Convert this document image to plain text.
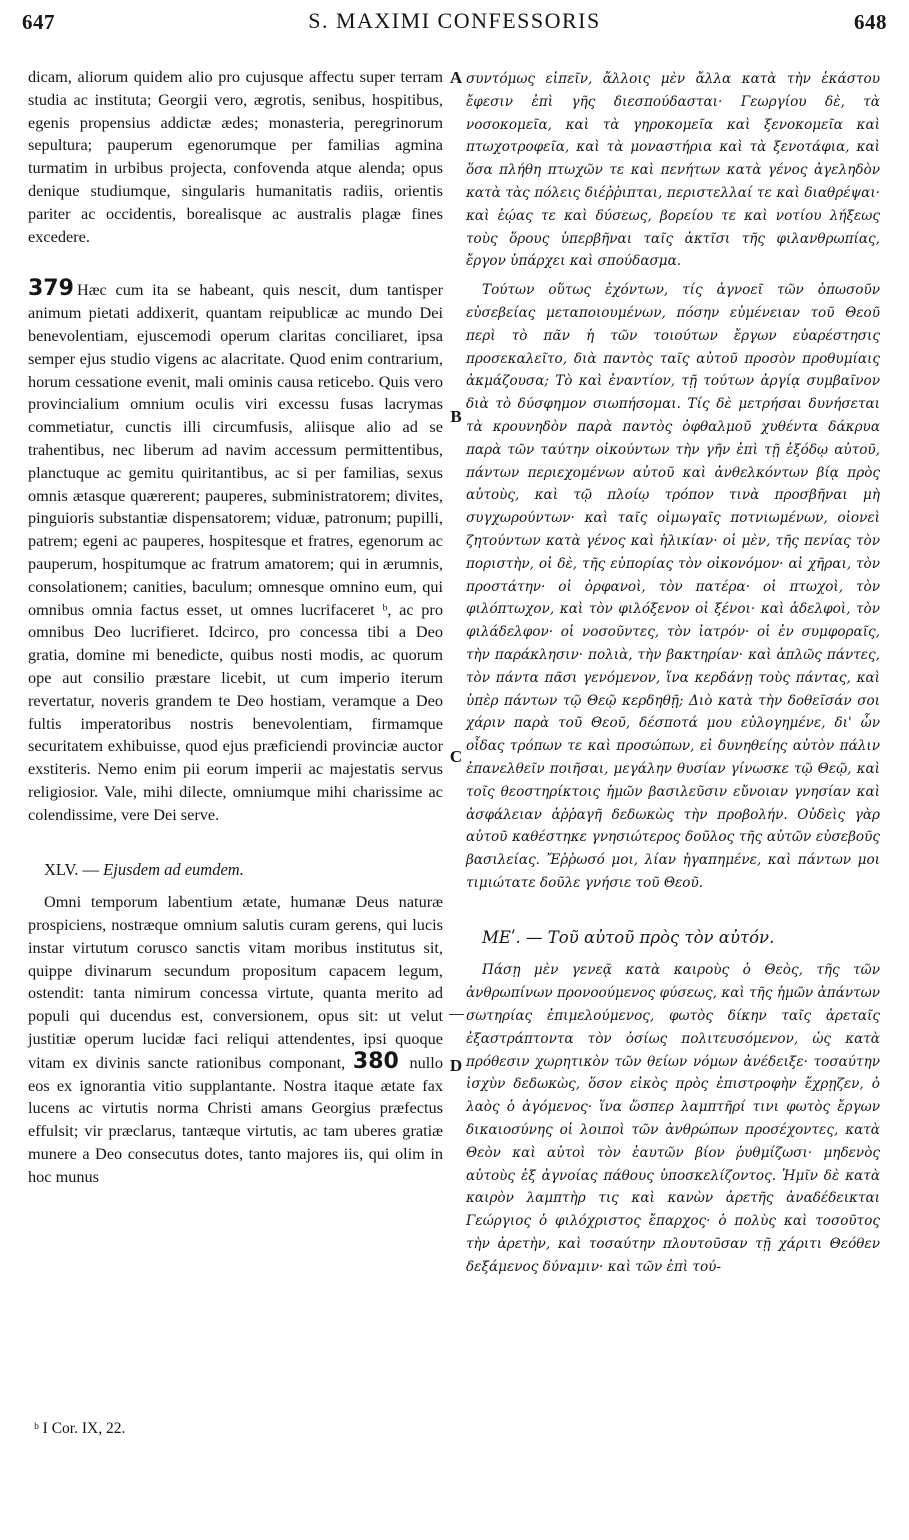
647	S. MAXIMI CONFESSORIS	648
A
B
C
D

dicam, aliorum quidem alio pro cujusque affectu super terram studia ac instituta; Georgii vero, ægrotis, senibus, hospitibus, egenis propensius addictæ ædes; monasteria, peregrinorum sepultura; pauperum egenorumque per familias agmina turmatim in urbibus projecta, confovenda atque alenda; opus denique studiumque, singularis humanitatis radiis, orientis pariter ac occidentis, borealisque ac australis plagæ fines excedere.

379 Hæc cum ita se habeant, quis nescit, dum tantisper animum pietati addixerit, quantam reipublicæ ac mundo Dei benevolentiam, ejuscemodi operum claritas conciliaret, ipsa semper ejus studio vigens ac alacritate. Quod enim contrarium, horum cessatione evenit, mali ominis causa reticebo. Quis vero provincialium omnium oculis viri excessu fusas lacrymas commetiatur, cunctis illi circumfusis, aliisque alio ad se trahentibus, nec liberum ad navim accessum permittentibus, planctuque ac gemitu quiritantibus, ac si per familias, sexus omnis ætasque quærerent; pauperes, subministratorem; divites, pinguioris substantiæ dispensatorem; viduæ, patronum; pupilli, patrem; egeni ac pauperes, hospitesque et fratres, egenorum ac pauperum, hospitumque ac fratrum amatorem; qui in ærumnis, consolationem; canities, baculum; omnesque omnino eum, qui omnibus omnia factus esset, ut omnes lucrifaceret ᵇ, ac pro omnibus Deo lucrifieret. Idcirco, pro concessa tibi a Deo gratia, domine mi benedicte, quibus nosti modis, ac quorum ope aut consilio præstare licebit, ut cum imperio iterum revertatur, noveris grandem te Deo hostiam, veramque a Deo fultis imperatoribus nostris benevolentiam, firmamque securitatem exhibuisse, quod ejus præficiendi provinciæ auctor exstiteris. Nemo enim pii eorum imperii ac majestatis servus religiosior. Vale, mihi dilecte, omniumque mihi charissime ac colendissime, vere Dei serve.

XLV. — Ejusdem ad eumdem.

Omni temporum labentium ætate, humanæ Deus naturæ prospiciens, nostræque omnium salutis curam gerens, qui lucis instar virtutum corusco sanctis vitam moribus institutus sit, quippe divinarum secundum propositum capacem legum, ostendit: tanta nimirum concessa virtute, quanta merito ad populi qui ducendus est, conversionem, opus sit: ut velut justitiæ operum lucidæ faci reliqui attendentes, ipsi quoque vitam ex divinis sancte rationibus componant, 380 nullo eos ex ignorantia vitio supplantante. Nostra itaque ætate fax lucens ac virtutis norma Christi amans Georgius præfectus effulsit; vir præclarus, tantæque virtutis, ac tam uberes gratiæ munere a Deo consecutus dotes, tanto majores iis, qui olim in hoc munus

συντόμως εἰπεῖν, ἄλλοις μὲν ἄλλα κατὰ τὴν ἑκάστου ἔφεσιν ἐπὶ γῆς διεσπούδασται· Γεωργίου δὲ, τὰ νοσοκομεῖα, καὶ τὰ γηροκομεῖα καὶ ξενοκομεῖα καὶ πτωχοτροφεῖα, καὶ τὰ μοναστήρια καὶ τὰ ξενοτάφια, καὶ ὅσα πλήθη πτωχῶν τε καὶ πενήτων κατὰ γένος ἀγεληδὸν κατὰ τὰς πόλεις διέῤῥιπται, περιστελλαί τε καὶ διαθρέψαι· καὶ ἑῴας τε καὶ δύσεως, βορείου τε καὶ νοτίου λήξεως τοὺς ὅρους ὑπερβῆναι ταῖς ἀκτῖσι τῆς φιλανθρωπίας, ἔργον ὑπάρχει καὶ σπούδασμα.

Τούτων οὕτως ἐχόντων, τίς ἀγνοεῖ τῶν ὁπωσοῦν εὐσεβείας μεταποιουμένων, πόσην εὐμένειαν τοῦ Θεοῦ περὶ τὸ πᾶν ἡ τῶν τοιούτων ἔργων εὐαρέστησις προσεκαλεῖτο, διὰ παντὸς ταῖς αὐτοῦ προσὸν προθυμίαις ἀκμάζουσα; Τὸ καὶ ἐναντίον, τῇ τούτων ἀργίᾳ συμβαῖνον διὰ τὸ δύσφημον σιωπήσομαι. Τίς δὲ μετρήσαι δυνήσεται τὰ κρουνηδὸν παρὰ παντὸς ὀφθαλμοῦ χυθέντα δάκρυα παρὰ τῶν ταύτην οἰκούντων τὴν γῆν ἐπὶ τῇ ἐξόδῳ αὐτοῦ, πάντων περιεχομένων αὐτοῦ καὶ ἀνθελκόντων βίᾳ πρὸς αὐτοὺς, καὶ τῷ πλοίῳ τρόπον τινὰ προσβῆναι μὴ συγχωρούντων· καὶ ταῖς οἰμωγαῖς ποτνιωμένων, οἱονεὶ ζητούντων κατὰ γένος καὶ ἡλικίαν· οἱ μὲν, τῆς πενίας τὸν ποριστὴν, οἱ δὲ, τῆς εὐπορίας τὸν οἰκονόμον· αἱ χῆραι, τὸν προστάτην· οἱ ὀρφανοὶ, τὸν πατέρα· οἱ πτωχοὶ, τὸν φιλόπτωχον, καὶ τὸν φιλόξενον οἱ ξένοι· καὶ ἀδελφοὶ, τὸν φιλάδελφον· οἱ νοσοῦντες, τὸν ἰατρόν· οἱ ἐν συμφοραῖς, τὴν παράκλησιν· πολιὰ, τὴν βακτηρίαν· καὶ ἁπλῶς πάντες, τὸν πάντα πᾶσι γενόμενον, ἵνα κερδάνῃ τοὺς πάντας, καὶ ὑπὲρ πάντων τῷ Θεῷ κερδηθῇ; Διὸ κατὰ τὴν δοθεῖσάν σοι χάριν παρὰ τοῦ Θεοῦ, δέσποτά μου εὐλογημένε, δι' ὧν οἶδας τρόπων τε καὶ προσώπων, εἰ δυνηθείης αὐτὸν πάλιν ἐπανελθεῖν ποιῆσαι, μεγάλην θυσίαν γίνωσκε τῷ Θεῷ, καὶ τοῖς θεοστηρίκτοις ἡμῶν βασιλεῦσιν εὔνοιαν γνησίαν καὶ ἀσφάλειαν ἀῤῥαγῆ δεδωκὼς τὴν προβολήν. Οὐδεὶς γὰρ αὐτοῦ καθέστηκε γνησιώτερος δοῦλος τῆς αὐτῶν εὐσεβοῦς βασιλείας. Ἔῤῥωσό μοι, λίαν ἠγαπημένε, καὶ πάντων μοι τιμιώτατε δοῦλε γνήσιε τοῦ Θεοῦ.

ΜΕʹ. — Τοῦ αὐτοῦ πρὸς τὸν αὐτόν.

Πάσῃ μὲν γενεᾷ κατὰ καιροὺς ὁ Θεὸς, τῆς τῶν ἀνθρωπίνων προνοούμενος φύσεως, καὶ τῆς ἡμῶν ἁπάντων σωτηρίας ἐπιμελούμενος, φωτὸς δίκην ταῖς ἀρεταῖς ἐξαστράπτοντα τὸν ὁσίως πολιτευσόμενον, ὡς κατὰ πρόθεσιν χωρητικὸν τῶν θείων νόμων ἀνέδειξε· τοσαύτην ἰσχὺν δεδωκὼς, ὅσον εἰκὸς πρὸς ἐπιστροφὴν ἔχρῃζεν, ὁ λαὸς ὁ ἀγόμενος· ἵνα ὥσπερ λαμπτῆρί τινι φωτὸς ἔργων δικαιοσύνης οἱ λοιποὶ τῶν ἀνθρώπων προσέχοντες, κατὰ Θεὸν καὶ αὐτοὶ τὸν ἑαυτῶν βίον ῥυθμίζωσι· μηδενὸς αὐτοὺς ἐξ ἀγνοίας πάθους ὑποσκελίζοντος. Ἡμῖν δὲ κατὰ καιρὸν λαμπτὴρ τις καὶ κανὼν ἀρετῆς ἀναδέδεικται Γεώργιος ὁ φιλόχριστος ἔπαρχος· ὁ πολὺς καὶ τοσοῦτος τὴν ἀρετὴν, καὶ τοσαύτην πλουτοῦσαν τῇ χάριτι Θεόθεν δεξάμενος δύναμιν· καὶ τῶν ἐπὶ τού-

ᵇ I Cor. IX, 22.
